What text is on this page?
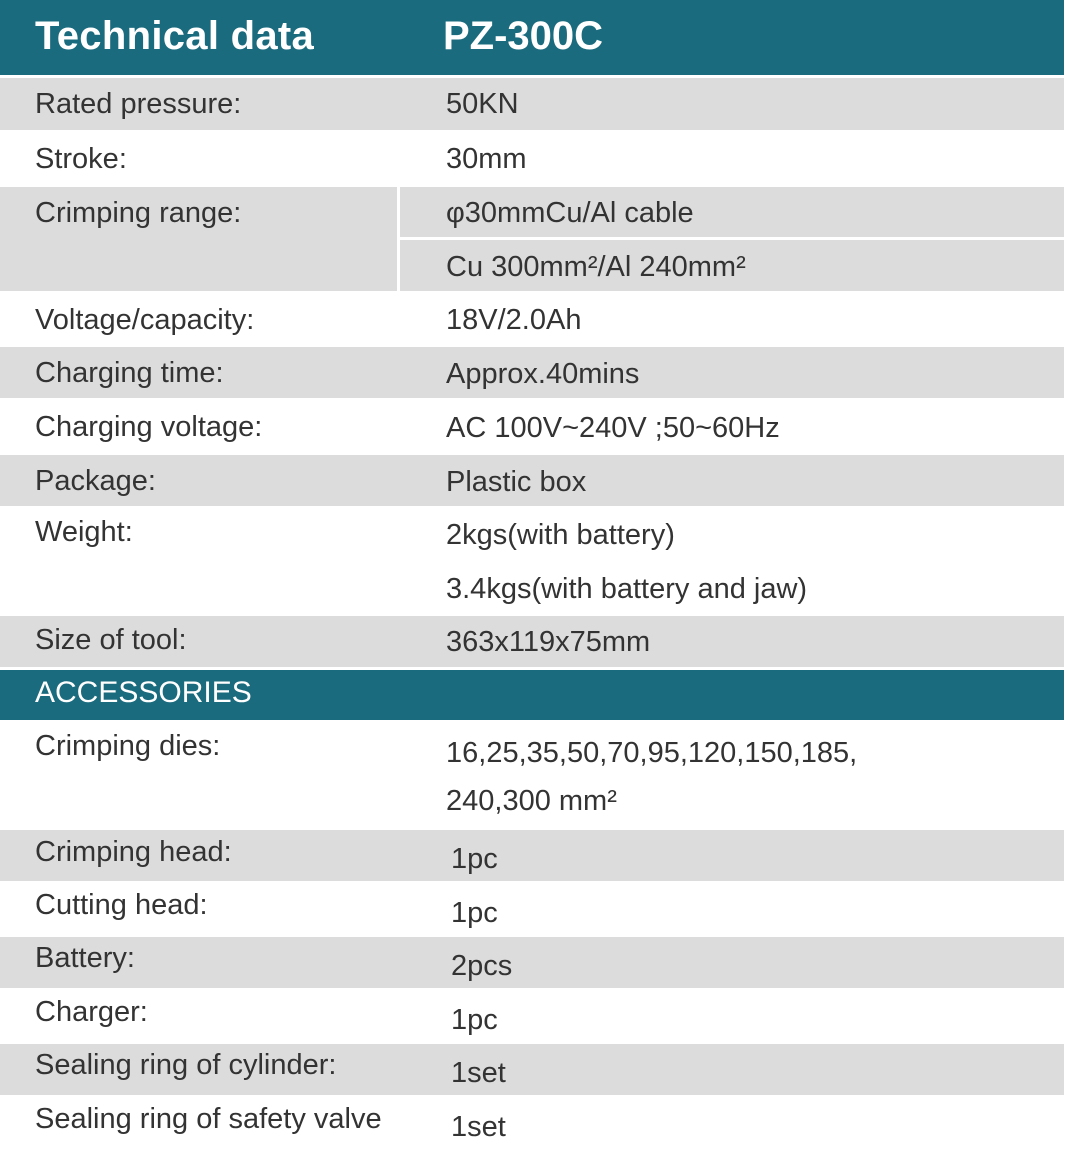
Technical data	PZ-300C
Rated pressure:	50KN
Stroke:	30mm
Crimping range:	φ30mmCu/Al cable
Cu 300mm²/Al 240mm²
Voltage/capacity:	18V/2.0Ah
Charging time:	Approx.40mins
Charging voltage:	AC 100V~240V ;50~60Hz
Package:	Plastic box
Weight:	2kgs(with battery)
3.4kgs(with battery and jaw)
Size of tool:	363x119x75mm
ACCESSORIES
Crimping dies:	16,25,35,50,70,95,120,150,185,
240,300 mm²
Crimping head:	1pc
Cutting head:	1pc
Battery:	2pcs
Charger:	1pc
Sealing ring of cylinder:	1set
Sealing ring of safety valve 1set
